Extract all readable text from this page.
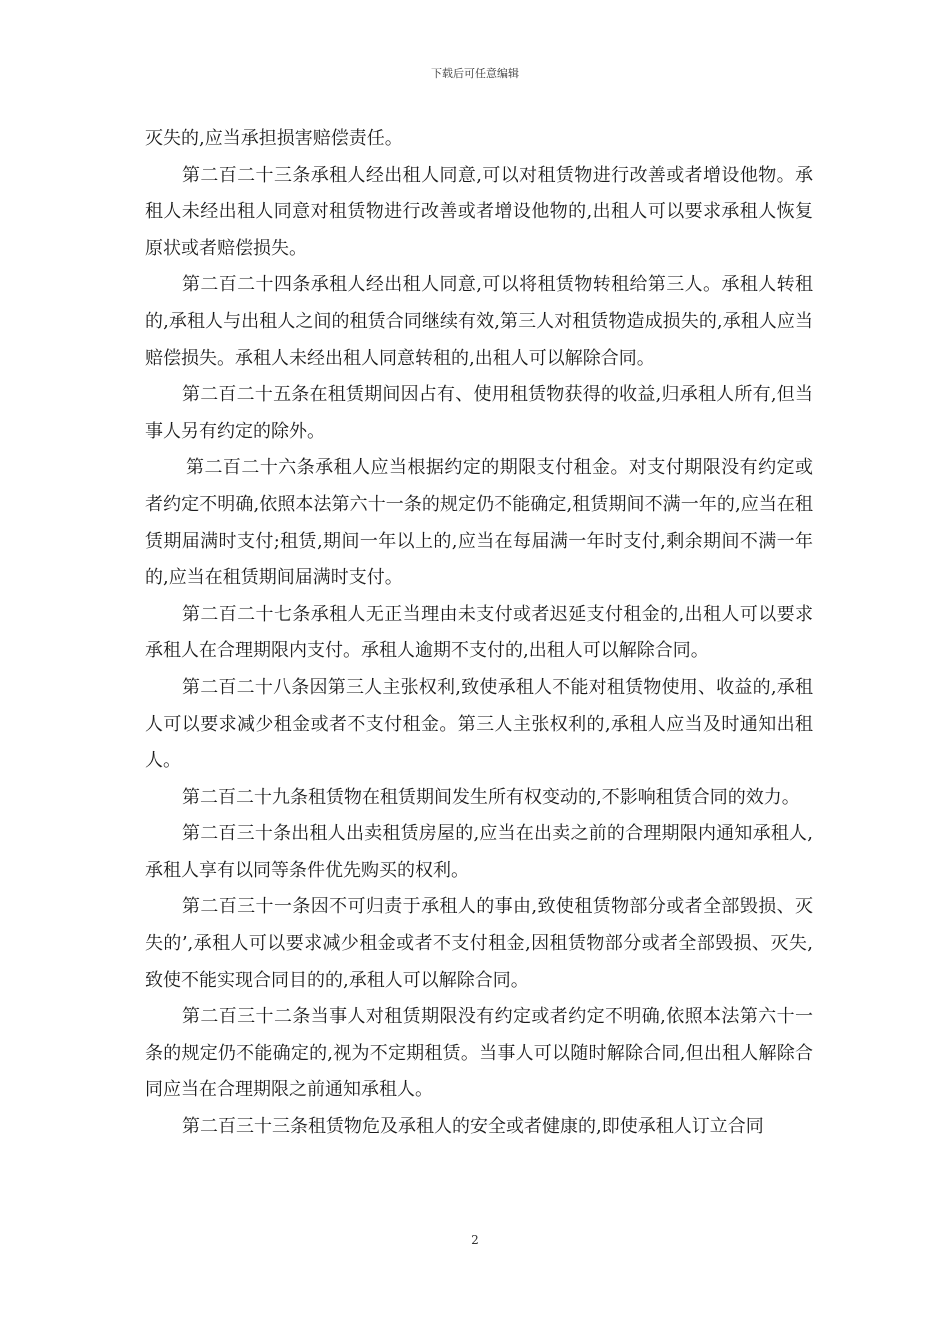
下载后可任意编辑

灭失的,应当承担损害赔偿责任。

第二百二十三条承租人经出租人同意,可以对租赁物进行改善或者增设他物。承租人未经出租人同意对租赁物进行改善或者增设他物的,出租人可以要求承租人恢复原状或者赔偿损失。

第二百二十四条承租人经出租人同意,可以将租赁物转租给第三人。承租人转租的,承租人与出租人之间的租赁合同继续有效,第三人对租赁物造成损失的,承租人应当赔偿损失。承租人未经出租人同意转租的,出租人可以解除合同。

第二百二十五条在租赁期间因占有、使用租赁物获得的收益,归承租人所有,但当事人另有约定的除外。

第二百二十六条承租人应当根据约定的期限支付租金。对支付期限没有约定或者约定不明确,依照本法第六十一条的规定仍不能确定,租赁期间不满一年的,应当在租赁期届满时支付;租赁,期间一年以上的,应当在每届满一年时支付,剩余期间不满一年的,应当在租赁期间届满时支付。

第二百二十七条承租人无正当理由未支付或者迟延支付租金的,出租人可以要求承租人在合理期限内支付。承租人逾期不支付的,出租人可以解除合同。

第二百二十八条因第三人主张权利,致使承租人不能对租赁物使用、收益的,承租人可以要求减少租金或者不支付租金。第三人主张权利的,承租人应当及时通知出租人。

第二百二十九条租赁物在租赁期间发生所有权变动的,不影响租赁合同的效力。

第二百三十条出租人出卖租赁房屋的,应当在出卖之前的合理期限内通知承租人,承租人享有以同等条件优先购买的权利。

第二百三十一条因不可归责于承租人的事由,致使租赁物部分或者全部毁损、灭失的’,承租人可以要求减少租金或者不支付租金,因租赁物部分或者全部毁损、灭失,致使不能实现合同目的的,承租人可以解除合同。

第二百三十二条当事人对租赁期限没有约定或者约定不明确,依照本法第六十一条的规定仍不能确定的,视为不定期租赁。当事人可以随时解除合同,但出租人解除合同应当在合理期限之前通知承租人。

第二百三十三条租赁物危及承租人的安全或者健康的,即使承租人订立合同

2
